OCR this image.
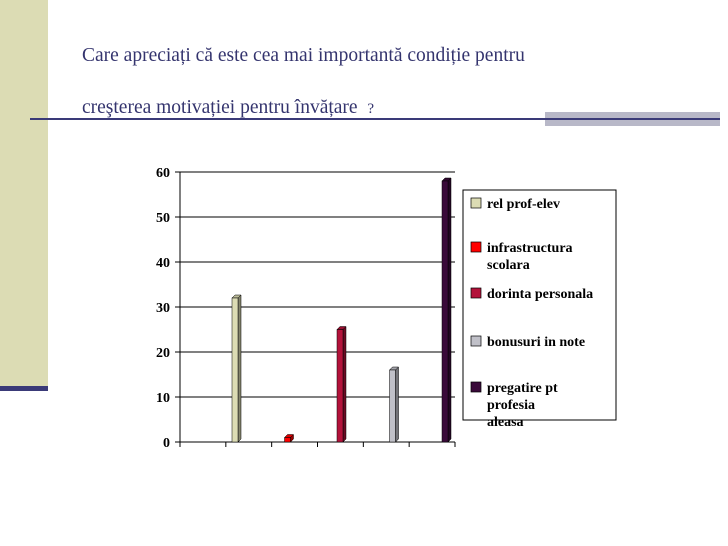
Care apreciați că este cea mai importantă condiție pentru
creşterea motivației pentru învățare ?
0
10
20
30
40
50
60
rel prof-elev
infrastructura scolara
dorinta personala
bonusuri in note
pregatire pt profesia aleasa
